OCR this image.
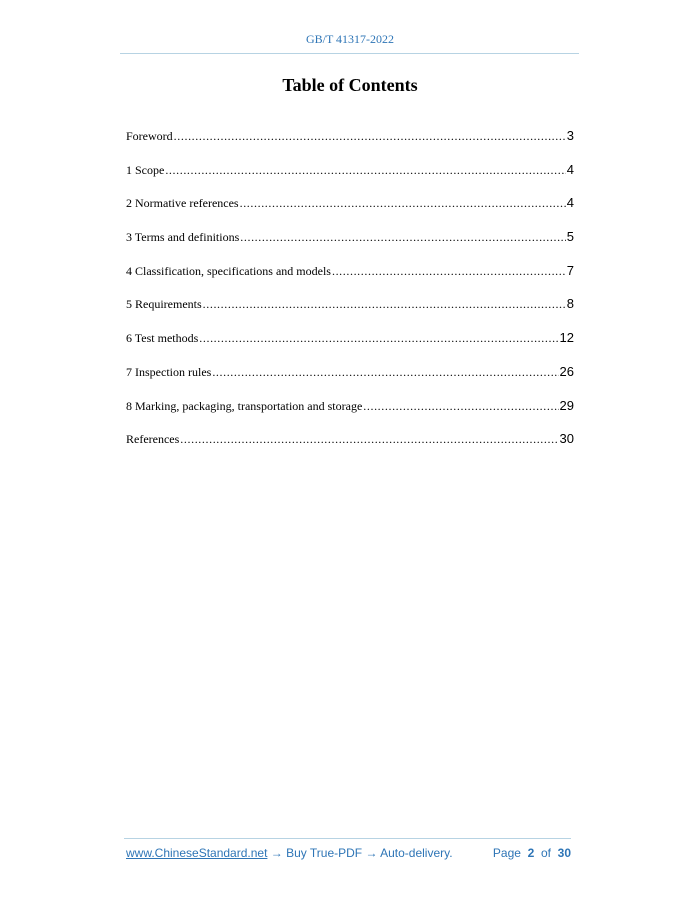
GB/T 41317-2022
Table of Contents
Foreword .....	3
1 Scope .....	4
2 Normative references .....	4
3 Terms and definitions .....	5
4 Classification, specifications and models .....	7
5 Requirements .....	8
6 Test methods .....	12
7 Inspection rules .....	26
8 Marking, packaging, transportation and storage .....	29
References .....	30
www.ChineseStandard.net → Buy True-PDF → Auto-delivery.	Page 2 of 30
